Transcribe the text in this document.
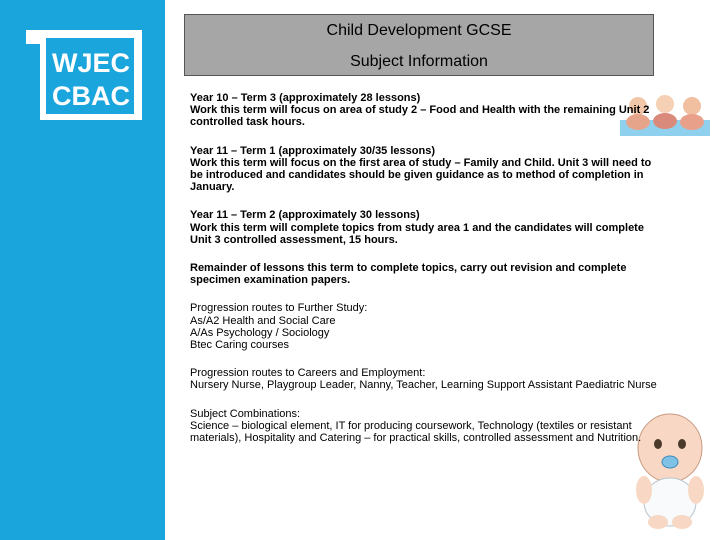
WJEC
CBAC
Child Development GCSE
Subject Information

Year 10 – Term 3 (approximately 28 lessons)

Work this term will focus on area of study 2 – Food and Health with the remaining Unit 2 controlled task hours.

Year 11 – Term 1 (approximately 30/35 lessons)

Work this term will focus on the first area of study – Family and Child. Unit 3 will need to be introduced and candidates should be given guidance as to method of completion in January.

Year 11 – Term 2 (approximately 30 lessons)

Work this term will complete topics from study area 1 and the candidates will complete Unit 3 controlled assessment, 15 hours.

Remainder of lessons this term to complete topics, carry out revision and complete specimen examination papers.

Progression routes to Further Study:

As/A2 Health and Social Care

A/As Psychology / Sociology

Btec Caring courses

Progression routes to Careers and Employment:

Nursery Nurse, Playgroup Leader, Nanny, Teacher, Learning Support Assistant Paediatric Nurse

Subject Combinations:

Science – biological element, IT for producing coursework, Technology (textiles or resistant materials), Hospitality and Catering – for practical skills, controlled assessment and Nutrition.
